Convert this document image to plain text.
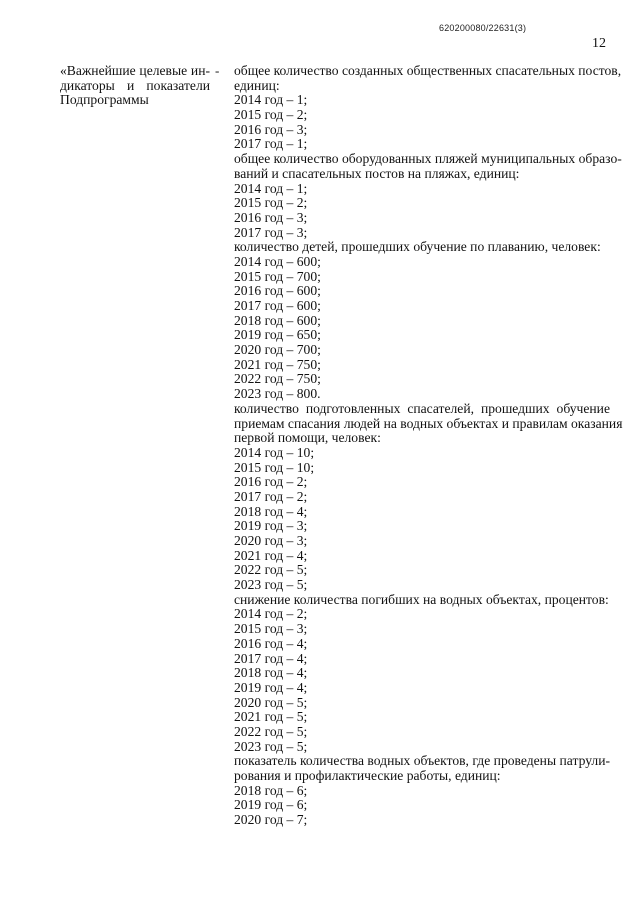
620200080/22631(3)
12
«Важнейшие целевые ин-
дикаторы и показатели
Подпрограммы
- общее количество созданных общественных спасательных постов,
единиц:
2014 год – 1;
2015 год – 2;
2016 год – 3;
2017 год – 1;
общее количество оборудованных пляжей муниципальных образо-
ваний и спасательных постов на пляжах, единиц:
2014 год – 1;
2015 год – 2;
2016 год – 3;
2017 год – 3;
количество детей, прошедших обучение по плаванию, человек:
2014 год – 600;
2015 год – 700;
2016 год – 600;
2017 год – 600;
2018 год – 600;
2019 год – 650;
2020 год – 700;
2021 год – 750;
2022 год – 750;
2023 год – 800.
количество подготовленных спасателей, прошедших обучение
приемам спасания людей на водных объектах и правилам оказания
первой помощи, человек:
2014 год – 10;
2015 год – 10;
2016 год – 2;
2017 год – 2;
2018 год – 4;
2019 год – 3;
2020 год – 3;
2021 год – 4;
2022 год – 5;
2023 год – 5;
снижение количества погибших на водных объектах, процентов:
2014 год – 2;
2015 год – 3;
2016 год – 4;
2017 год – 4;
2018 год – 4;
2019 год – 4;
2020 год – 5;
2021 год – 5;
2022 год – 5;
2023 год – 5;
показатель количества водных объектов, где проведены патрули-
рования и профилактические работы, единиц:
2018 год – 6;
2019 год – 6;
2020 год – 7;
